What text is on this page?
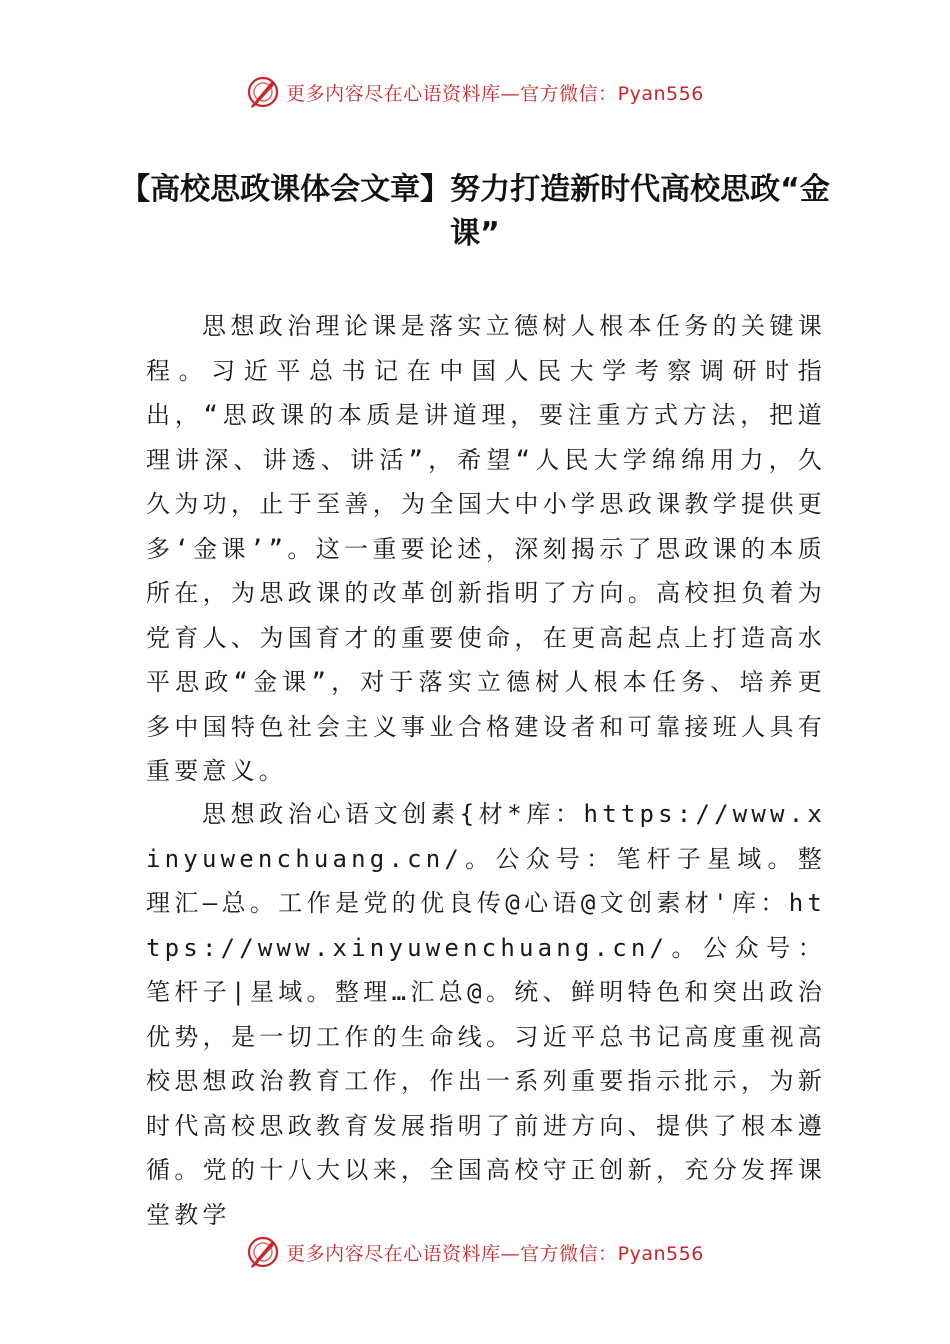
更多内容尽在心语资料库—官方微信：Pyan556
【高校思政课体会文章】努力打造新时代高校思政“金课”

思想政治理论课是落实立德树人根本任务的关键课程。习近平总书记在中国人民大学考察调研时指出，“思政课的本质是讲道理，要注重方式方法，把道理讲深、讲透、讲活”，希望“人民大学绵绵用力，久久为功，止于至善，为全国大中小学思政课教学提供更多‘金课’”。这一重要论述，深刻揭示了思政课的本质所在，为思政课的改革创新指明了方向。高校担负着为党育人、为国育才的重要使命，在更高起点上打造高水平思政“金课”，对于落实立德树人根本任务、培养更多中国特色社会主义事业合格建设者和可靠接班人具有重要意义。

思想政治心语文创素{材*库：https://www.xinyuwenchuang.cn/。公众号：笔杆子星域。整理汇—总。工作是党的优良传@心语@文创素材'库：https://www.xinyuwenchuang.cn/。公众号：笔杆子|星域。整理…汇总@。统、鲜明特色和突出政治优势，是一切工作的生命线。习近平总书记高度重视高校思想政治教育工作，作出一系列重要指示批示，为新时代高校思政教育发展指明了前进方向、提供了根本遵循。党的十八大以来，全国高校守正创新，充分发挥课堂教学

更多内容尽在心语资料库—官方微信：Pyan556
